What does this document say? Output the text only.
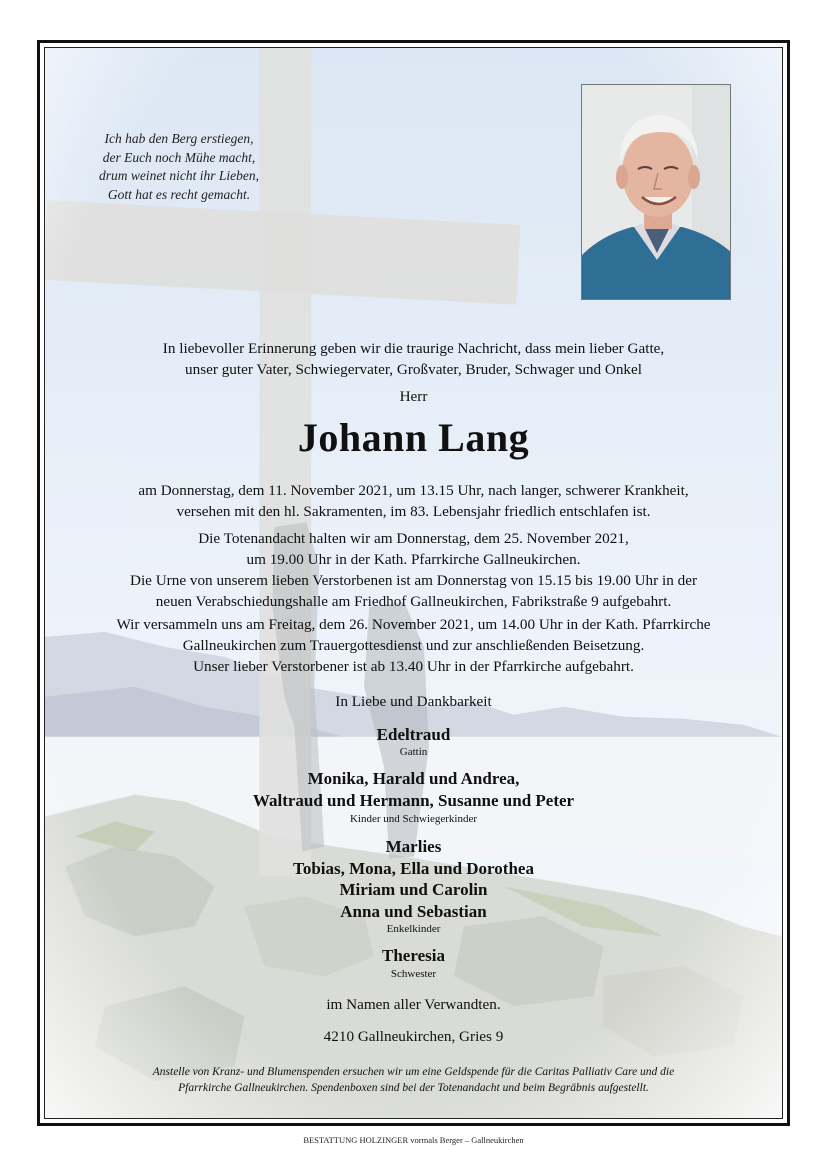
Ich hab den Berg erstiegen,
der Euch noch Mühe macht,
drum weinet nicht ihr Lieben,
Gott hat es recht gemacht.
In liebevoller Erinnerung geben wir die traurige Nachricht, dass mein lieber Gatte,
unser guter Vater, Schwiegervater, Großvater, Bruder, Schwager und Onkel
Herr
Johann Lang
am Donnerstag, dem 11. November 2021, um 13.15 Uhr, nach langer, schwerer Krankheit,
versehen mit den hl. Sakramenten, im 83. Lebensjahr friedlich entschlafen ist.
Die Totenandacht halten wir am Donnerstag, dem 25. November 2021,
um 19.00 Uhr in der Kath. Pfarrkirche Gallneukirchen.
Die Urne von unserem lieben Verstorbenen ist am Donnerstag von 15.15 bis 19.00 Uhr in der
neuen Verabschiedungshalle am Friedhof Gallneukirchen, Fabrikstraße 9 aufgebahrt.
Wir versammeln uns am Freitag, dem 26. November 2021, um 14.00 Uhr in der Kath. Pfarrkirche
Gallneukirchen zum Trauergottesdienst und zur anschließenden Beisetzung.
Unser lieber Verstorbener ist ab 13.40 Uhr in der Pfarrkirche aufgebahrt.
In Liebe und Dankbarkeit
Edeltraud
Gattin
Monika, Harald und Andrea,
Waltraud und Hermann, Susanne und Peter
Kinder und Schwiegerkinder
Marlies
Tobias, Mona, Ella und Dorothea
Miriam und Carolin
Anna und Sebastian
Enkelkinder
Theresia
Schwester
im Namen aller Verwandten.
4210 Gallneukirchen, Gries 9
Anstelle von Kranz- und Blumenspenden ersuchen wir um eine Geldspende für die Caritas Palliativ Care und die
Pfarrkirche Gallneukirchen. Spendenboxen sind bei der Totenandacht und beim Begräbnis aufgestellt.
BESTATTUNG HOLZINGER vormals Berger – Gallneukirchen
